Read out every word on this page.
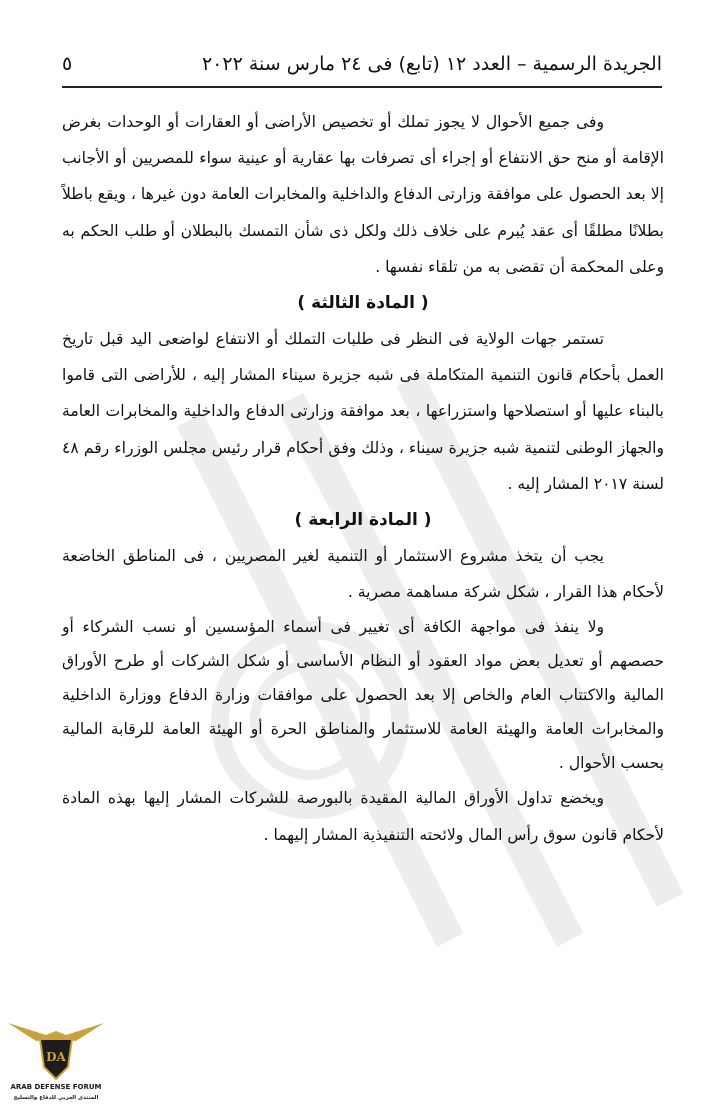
الجريدة الرسمية – العدد ١٢ (تابع) فى ٢٤ مارس سنة ٢٠٢٢
٥

وفى جميع الأحوال لا يجوز تملك أو تخصيص الأراضى أو العقارات أو الوحدات بغرض الإقامة أو منح حق الانتفاع أو إجراء أى تصرفات بها عقارية أو عينية سواء للمصريين أو الأجانب إلا بعد الحصول على موافقة وزارتى الدفاع والداخلية والمخابرات العامة دون غيرها ، ويقع باطلاً بطلانًا مطلقًا أى عقد يُبرم على خلاف ذلك ولكل ذى شأن التمسك بالبطلان أو طلب الحكم به وعلى المحكمة أن تقضى به من تلقاء نفسها .

( المادة الثالثة )

تستمر جهات الولاية فى النظر فى طلبات التملك أو الانتفاع لواضعى اليد قبل تاريخ العمل بأحكام قانون التنمية المتكاملة فى شبه جزيرة سيناء المشار إليه ، للأراضى التى قاموا بالبناء عليها أو استصلاحها واستزراعها ، بعد موافقة وزارتى الدفاع والداخلية والمخابرات العامة والجهاز الوطنى لتنمية شبه جزيرة سيناء ، وذلك وفق أحكام قرار رئيس مجلس الوزراء رقم ٤٨ لسنة ٢٠١٧ المشار إليه .

( المادة الرابعة )

يجب أن يتخذ مشروع الاستثمار أو التنمية لغير المصريين ، فى المناطق الخاضعة لأحكام هذا القرار ، شكل شركة مساهمة مصرية .

ولا ينفذ فى مواجهة الكافة أى تغيير فى أسماء المؤسسين أو نسب الشركاء أو حصصهم أو تعديل بعض مواد العقود أو النظام الأساسى أو شكل الشركات أو طرح الأوراق المالية والاكتتاب العام والخاص إلا بعد الحصول على موافقات وزارة الدفاع ووزارة الداخلية والمخابرات العامة والهيئة العامة للاستثمار والمناطق الحرة أو الهيئة العامة للرقابة المالية بحسب الأحوال .

ويخضع تداول الأوراق المالية المقيدة بالبورصة للشركات المشار إليها بهذه المادة لأحكام قانون سوق رأس المال ولائحته التنفيذية المشار إليهما .

DA
ARAB DEFENSE FORUM
المنتدى العربي للدفاع والتسليح
